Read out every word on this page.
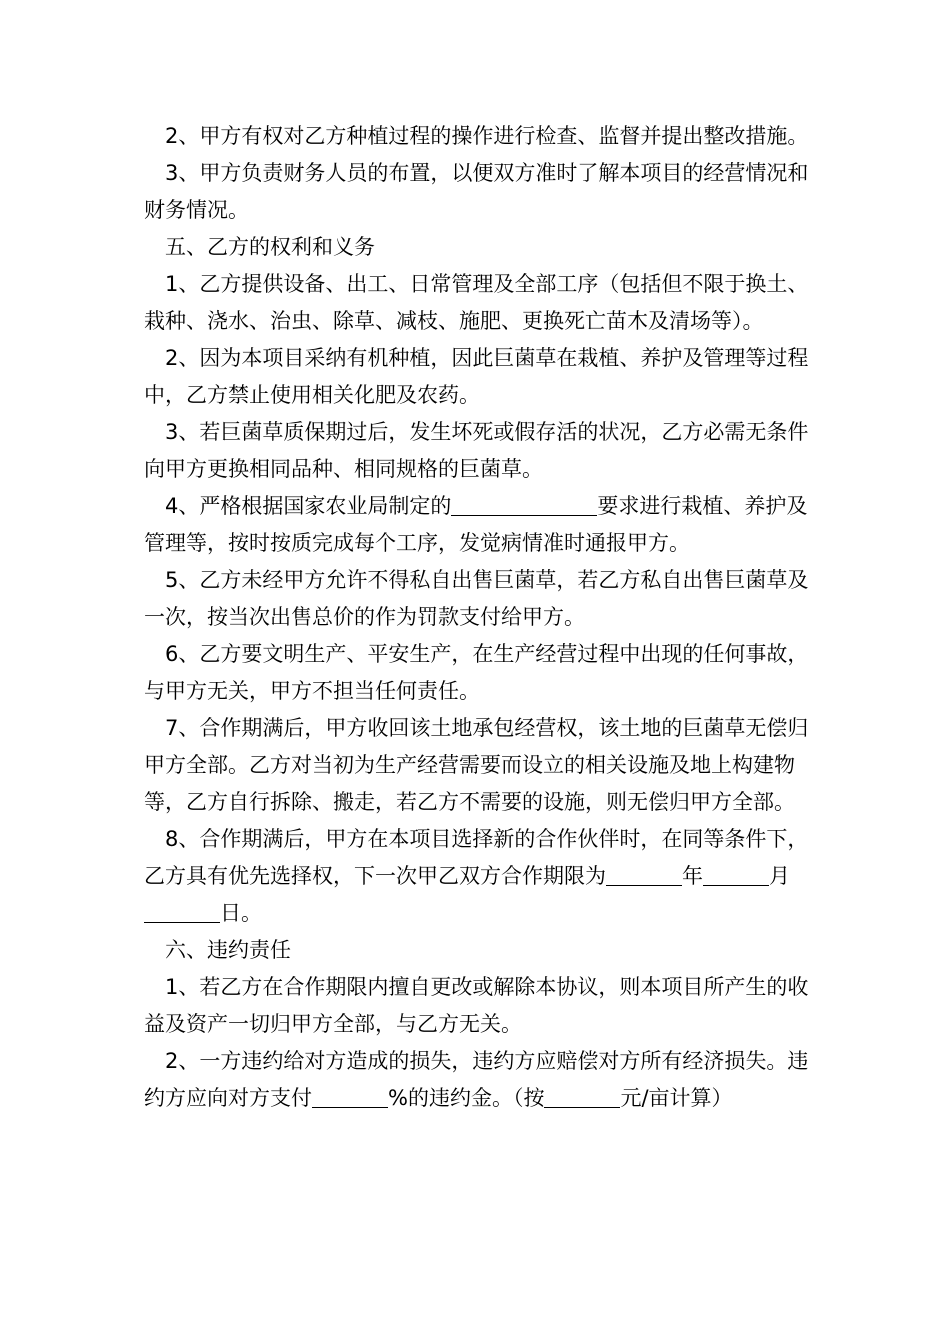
2、甲方有权对乙方种植过程的操作进行检查、监督并提出整改措施。

3、甲方负责财务人员的布置，以便双方准时了解本项目的经营情况和财务情况。

五、乙方的权利和义务

1、乙方提供设备、出工、日常管理及全部工序（包括但不限于换土、栽种、浇水、治虫、除草、减枝、施肥、更换死亡苗木及清场等）。

2、因为本项目采纳有机种植，因此巨菌草在栽植、养护及管理等过程中，乙方禁止使用相关化肥及农药。

3、若巨菌草质保期过后，发生坏死或假存活的状况，乙方必需无条件向甲方更换相同品种、相同规格的巨菌草。

4、严格根据国家农业局制定的	要求进行栽植、养护及管理等，按时按质完成每个工序，发觉病情准时通报甲方。

5、乙方未经甲方允许不得私自出售巨菌草，若乙方私自出售巨菌草及一次，按当次出售总价的作为罚款支付给甲方。

6、乙方要文明生产、平安生产，在生产经营过程中出现的任何事故，与甲方无关，甲方不担当任何责任。

7、合作期满后，甲方收回该土地承包经营权，该土地的巨菌草无偿归甲方全部。乙方对当初为生产经营需要而设立的相关设施及地上构建物等，乙方自行拆除、搬走，若乙方不需要的设施，则无偿归甲方全部。

8、合作期满后，甲方在本项目选择新的合作伙伴时，在同等条件下，乙方具有优先选择权，下一次甲乙双方合作期限为	年	月日。

六、违约责任

1、若乙方在合作期限内擅自更改或解除本协议，则本项目所产生的收益及资产一切归甲方全部，与乙方无关。

2、一方违约给对方造成的损失，违约方应赔偿对方所有经济损失。违约方应向对方支付	%的违约金。（按	元/亩计算）
